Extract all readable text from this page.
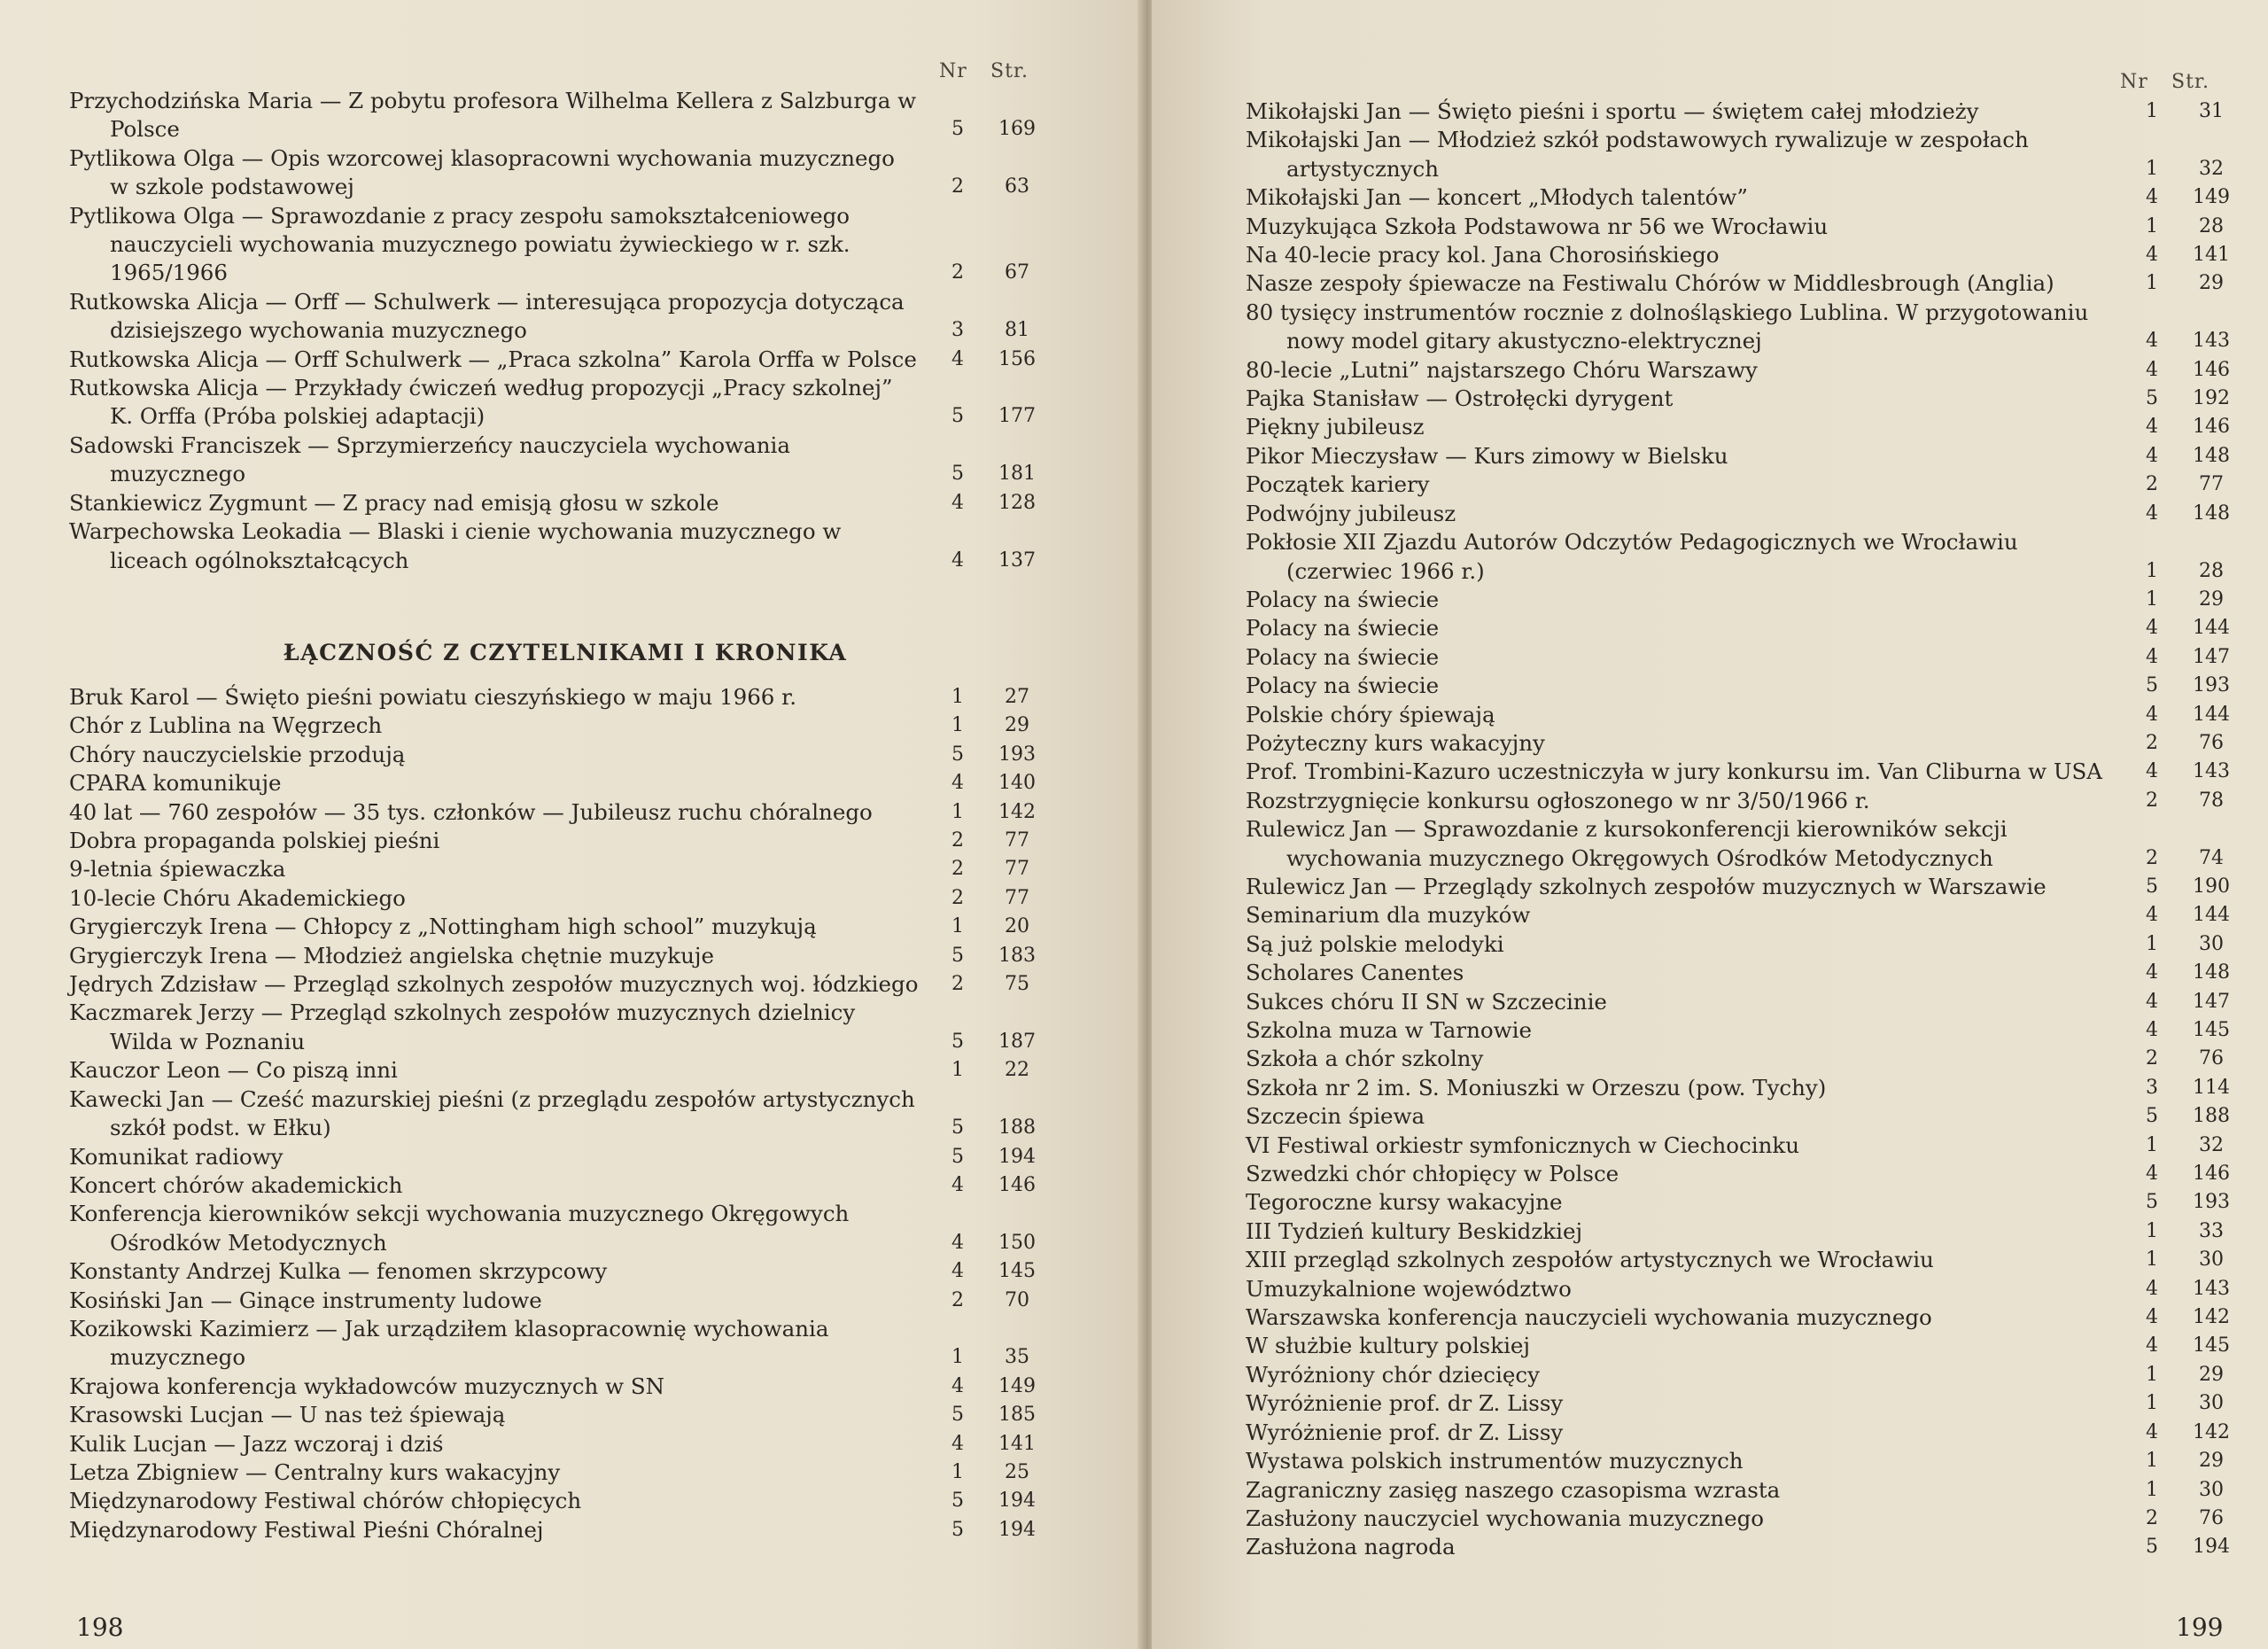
Nr Str.
Przychodzińska Maria — Z pobytu profesora Wilhelma Kellera z Salzburga w Polsce	5	169
Pytlikowa Olga — Opis wzorcowej klasopracowni wychowania muzycznego w szkole podstawowej	2	63
Pytlikowa Olga — Sprawozdanie z pracy zespołu samokształceniowego nauczycieli wychowania muzycznego powiatu żywieckiego w r. szk. 1965/1966	2	67
Rutkowska Alicja — Orff — Schulwerk — interesująca propozycja dotycząca dzisiejszego wychowania muzycznego	3	81
Rutkowska Alicja — Orff Schulwerk — „Praca szkolna” Karola Orffa w Polsce	4	156
Rutkowska Alicja — Przykłady ćwiczeń według propozycji „Pracy szkolnej” K. Orffa (Próba polskiej adaptacji)	5	177
Sadowski Franciszek — Sprzymierzeńcy nauczyciela wychowania muzycznego	5	181
Stankiewicz Zygmunt — Z pracy nad emisją głosu w szkole	4	128
Warpechowska Leokadia — Blaski i cienie wychowania muzycznego w liceach ogólnokształcących	4	137
ŁĄCZNOŚĆ Z CZYTELNIKAMI I KRONIKA
Bruk Karol — Święto pieśni powiatu cieszyńskiego w maju 1966 r.	1	27
Chór z Lublina na Węgrzech	1	29
Chóry nauczycielskie przodują	5	193
CPARA komunikuje	4	140
40 lat — 760 zespołów — 35 tys. członków — Jubileusz ruchu chóralnego	1	142
Dobra propaganda polskiej pieśni	2	77
9-letnia śpiewaczka	2	77
10-lecie Chóru Akademickiego	2	77
Grygierczyk Irena — Chłopcy z „Nottingham high school” muzykują	1	20
Grygierczyk Irena — Młodzież angielska chętnie muzykuje	5	183
Jędrych Zdzisław — Przegląd szkolnych zespołów muzycznych woj. łódzkiego	2	75
Kaczmarek Jerzy — Przegląd szkolnych zespołów muzycznych dzielnicy Wilda w Poznaniu	5	187
Kauczor Leon — Co piszą inni	1	22
Kawecki Jan — Cześć mazurskiej pieśni (z przeglądu zespołów artystycznych szkół podst. w Ełku)	5	188
Komunikat radiowy	5	194
Koncert chórów akademickich	4	146
Konferencja kierowników sekcji wychowania muzycznego Okręgowych Ośrodków Metodycznych	4	150
Konstanty Andrzej Kulka — fenomen skrzypcowy	4	145
Kosiński Jan — Ginące instrumenty ludowe	2	70
Kozikowski Kazimierz — Jak urządziłem klasopracownię wychowania muzycznego	1	35
Krajowa konferencja wykładowców muzycznych w SN	4	149
Krasowski Lucjan — U nas też śpiewają	5	185
Kulik Lucjan — Jazz wczoraj i dziś	4	141
Letza Zbigniew — Centralny kurs wakacyjny	1	25
Międzynarodowy Festiwal chórów chłopięcych	5	194
Międzynarodowy Festiwal Pieśni Chóralnej	5	194
198
Nr Str.
Mikołajski Jan — Święto pieśni i sportu — świętem całej młodzieży	1	31
Mikołajski Jan — Młodzież szkół podstawowych rywalizuje w zespołach artystycznych	1	32
Mikołajski Jan — koncert „Młodych talentów”	4	149
Muzykująca Szkoła Podstawowa nr 56 we Wrocławiu	1	28
Na 40-lecie pracy kol. Jana Chorosińskiego	4	141
Nasze zespoły śpiewacze na Festiwalu Chórów w Middlesbrough (Anglia)	1	29
80 tysięcy instrumentów rocznie z dolnośląskiego Lublina. W przygotowaniu nowy model gitary akustyczno-elektrycznej	4	143
80-lecie „Lutni” najstarszego Chóru Warszawy	4	146
Pajka Stanisław — Ostrołęcki dyrygent	5	192
Piękny jubileusz	4	146
Pikor Mieczysław — Kurs zimowy w Bielsku	4	148
Początek kariery	2	77
Podwójny jubileusz	4	148
Pokłosie XII Zjazdu Autorów Odczytów Pedagogicznych we Wrocławiu (czerwiec 1966 r.)	1	28
Polacy na świecie	1	29
Polacy na świecie	4	144
Polacy na świecie	4	147
Polacy na świecie	5	193
Polskie chóry śpiewają	4	144
Pożyteczny kurs wakacyjny	2	76
Prof. Trombini-Kazuro uczestniczyła w jury konkursu im. Van Cliburna w USA	4	143
Rozstrzygnięcie konkursu ogłoszonego w nr 3/50/1966 r.	2	78
Rulewicz Jan — Sprawozdanie z kursokonferencji kierowników sekcji wychowania muzycznego Okręgowych Ośrodków Metodycznych	2	74
Rulewicz Jan — Przeglądy szkolnych zespołów muzycznych w Warszawie	5	190
Seminarium dla muzyków	4	144
Są już polskie melodyki	1	30
Scholares Canentes	4	148
Sukces chóru II SN w Szczecinie	4	147
Szkolna muza w Tarnowie	4	145
Szkoła a chór szkolny	2	76
Szkoła nr 2 im. S. Moniuszki w Orzeszu (pow. Tychy)	3	114
Szczecin śpiewa	5	188
VI Festiwal orkiestr symfonicznych w Ciechocinku	1	32
Szwedzki chór chłopięcy w Polsce	4	146
Tegoroczne kursy wakacyjne	5	193
III Tydzień kultury Beskidzkiej	1	33
XIII przegląd szkolnych zespołów artystycznych we Wrocławiu	1	30
Umuzykalnione województwo	4	143
Warszawska konferencja nauczycieli wychowania muzycznego	4	142
W służbie kultury polskiej	4	145
Wyróżniony chór dziecięcy	1	29
Wyróżnienie prof. dr Z. Lissy	1	30
Wyróżnienie prof. dr Z. Lissy	4	142
Wystawa polskich instrumentów muzycznych	1	29
Zagraniczny zasięg naszego czasopisma wzrasta	1	30
Zasłużony nauczyciel wychowania muzycznego	2	76
Zasłużona nagroda	5	194
199
